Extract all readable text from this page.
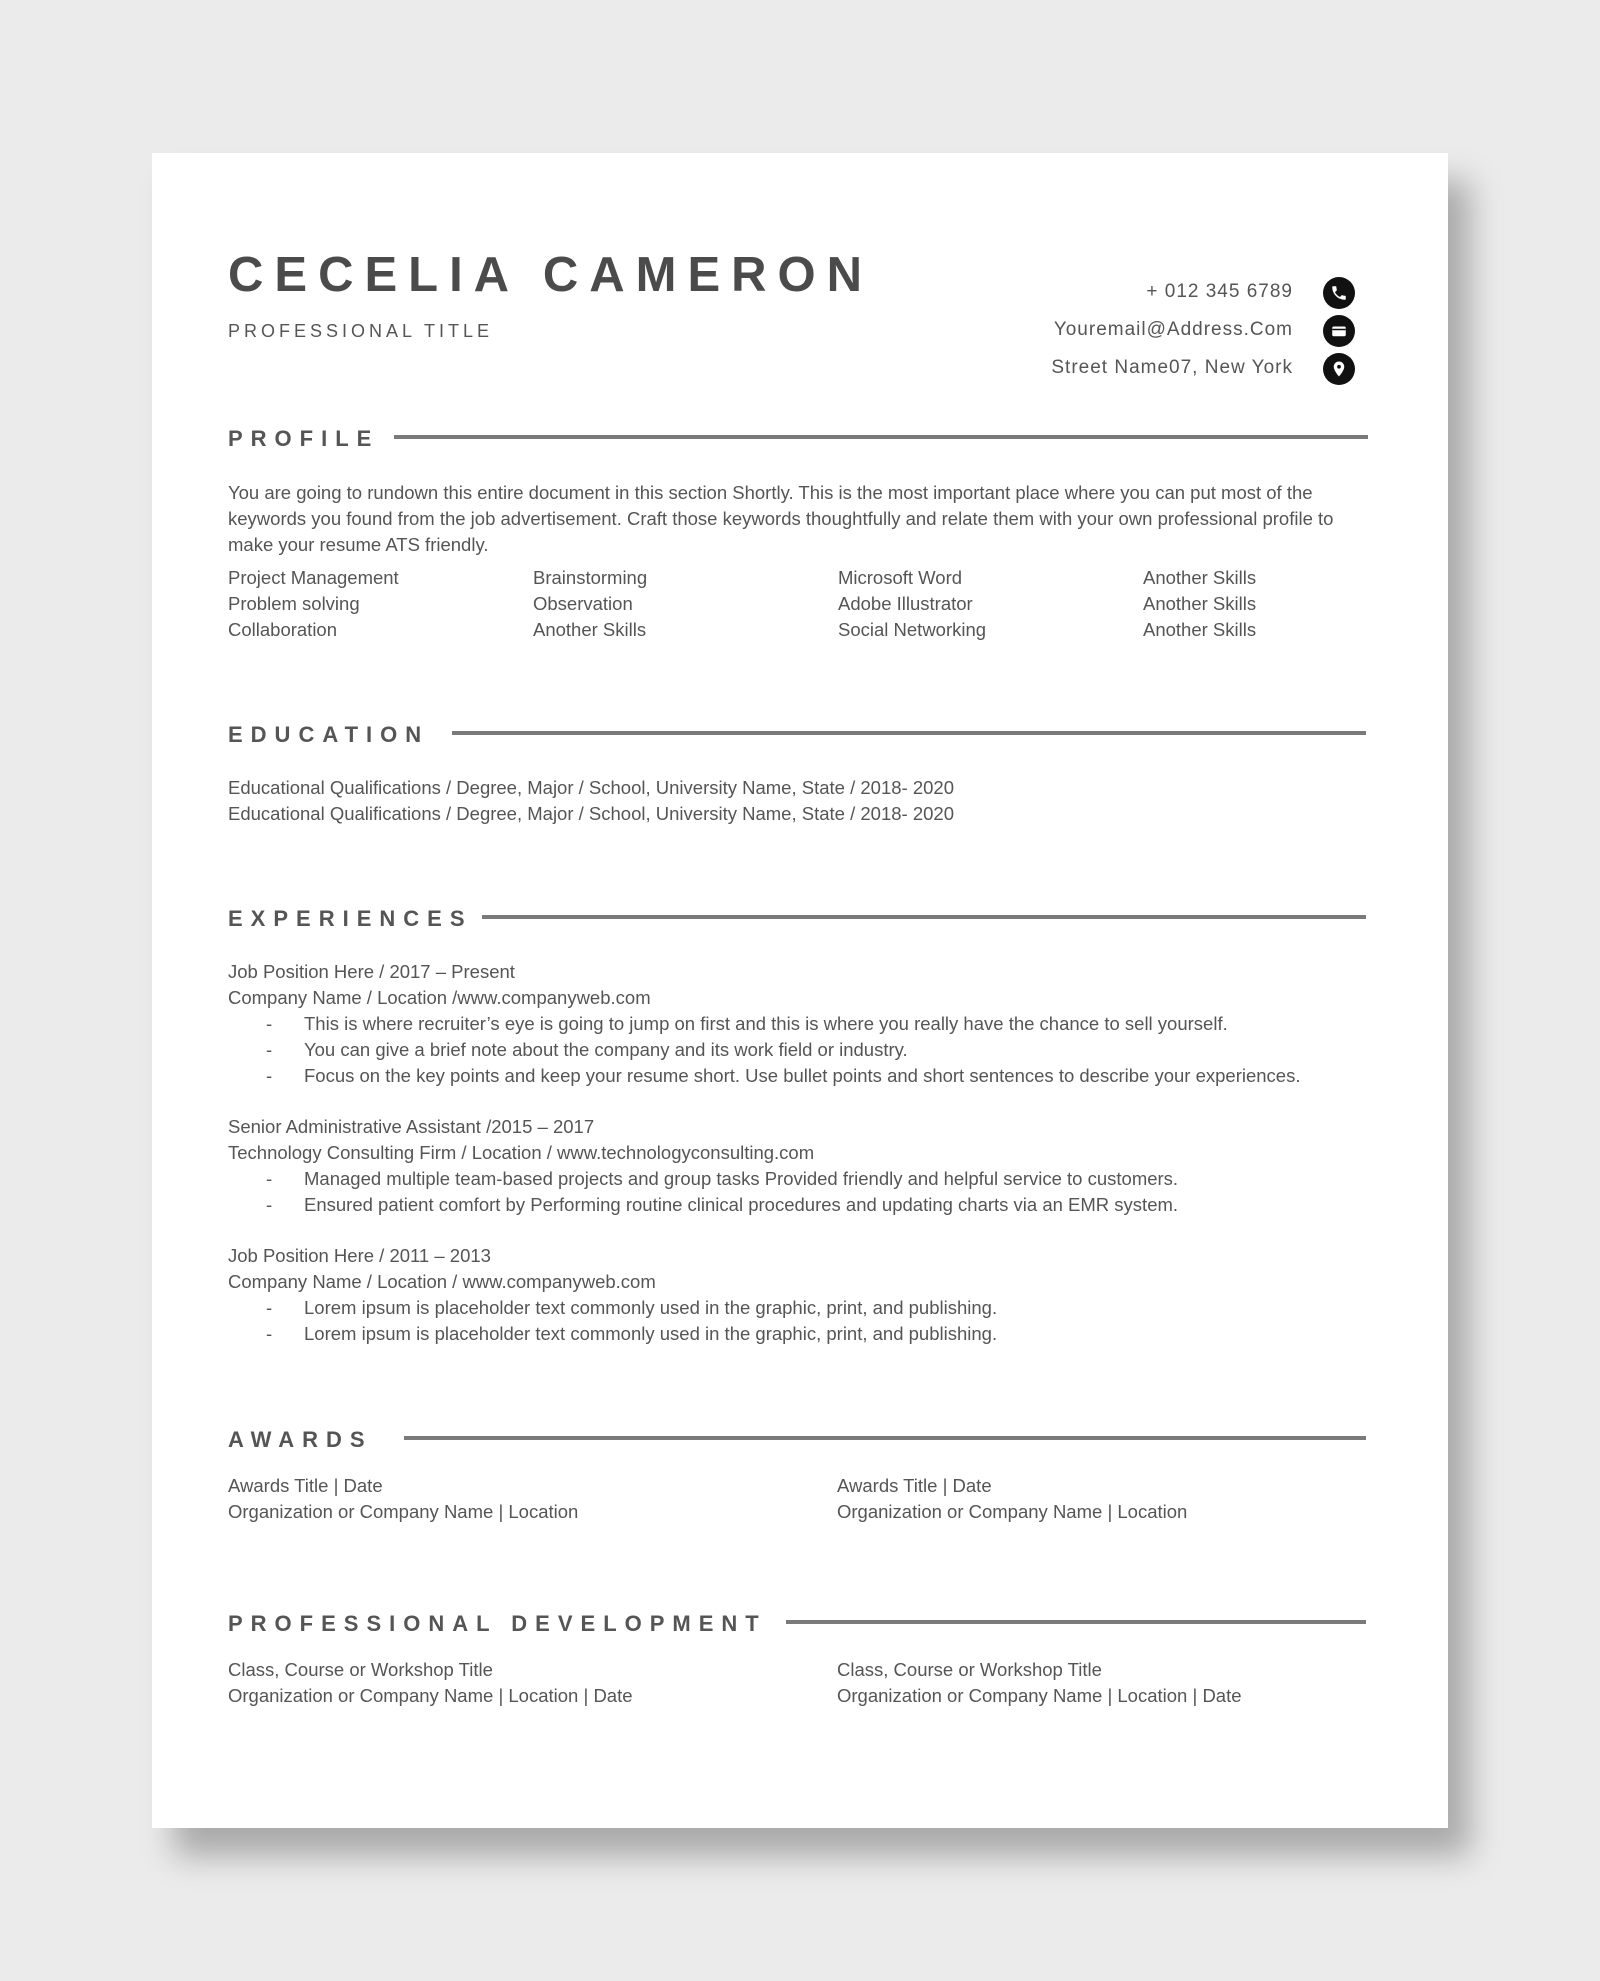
CECELIA CAMERON
PROFESSIONAL TITLE
+ 012 345 6789
Youremail@Address.Com
Street Name07, New York
PROFILE
You are going to rundown this entire document in this section Shortly. This is the most important place where you can put most of the keywords you found from the job advertisement. Craft those keywords thoughtfully and relate them with your own professional profile to make your resume ATS friendly.
Project Management	Brainstorming	Microsoft Word	Another Skills
Problem solving	Observation	Adobe Illustrator	Another Skills
Collaboration	Another Skills	Social Networking	Another Skills
EDUCATION
Educational Qualifications / Degree, Major / School, University Name, State / 2018- 2020
Educational Qualifications / Degree, Major / School, University Name, State / 2018- 2020
EXPERIENCES
Job Position Here / 2017 – Present
Company Name / Location /www.companyweb.com
- This is where recruiter’s eye is going to jump on first and this is where you really have the chance to sell yourself.
- You can give a brief note about the company and its work field or industry.
- Focus on the key points and keep your resume short. Use bullet points and short sentences to describe your experiences.
Senior Administrative Assistant /2015 – 2017
Technology Consulting Firm / Location / www.technologyconsulting.com
- Managed multiple team-based projects and group tasks Provided friendly and helpful service to customers.
- Ensured patient comfort by Performing routine clinical procedures and updating charts via an EMR system.
Job Position Here / 2011 – 2013
Company Name / Location / www.companyweb.com
- Lorem ipsum is placeholder text commonly used in the graphic, print, and publishing.
- Lorem ipsum is placeholder text commonly used in the graphic, print, and publishing.
AWARDS
Awards Title | Date
Organization or Company Name | Location
Awards Title | Date
Organization or Company Name | Location
PROFESSIONAL DEVELOPMENT
Class, Course or Workshop Title
Organization or Company Name | Location | Date
Class, Course or Workshop Title
Organization or Company Name | Location | Date
